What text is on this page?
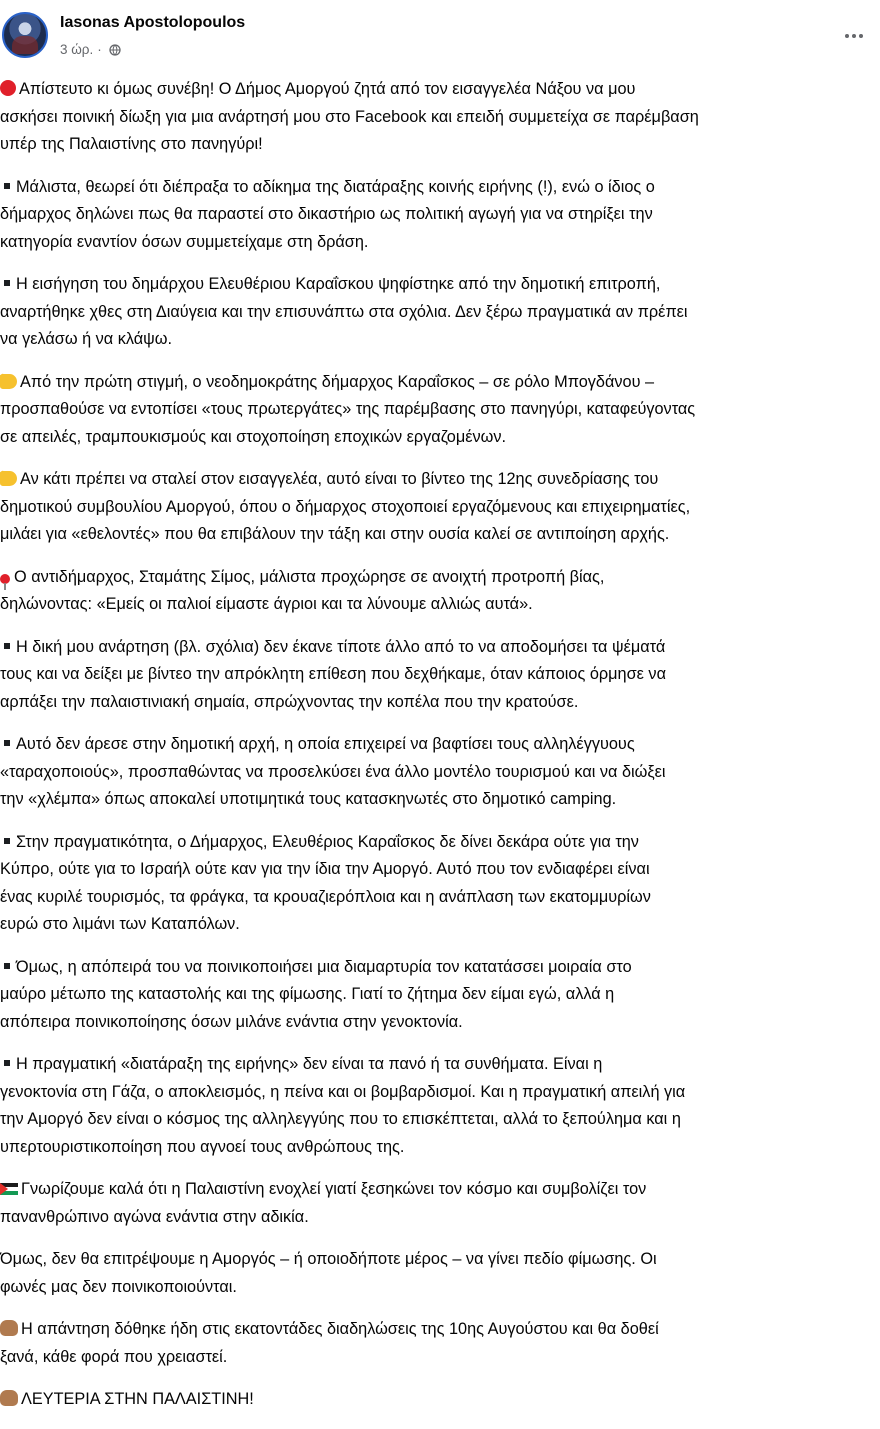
Iasonas Apostolopoulos
3 ώρ. ·

Απίστευτο κι όμως συνέβη! Ο Δήμος Αμοργού ζητά από τον εισαγγελέα Νάξου να μου
ασκήσει ποινική δίωξη για μια ανάρτησή μου στο Facebook και επειδή συμμετείχα σε παρέμβαση
υπέρ της Παλαιστίνης στο πανηγύρι!

Μάλιστα, θεωρεί ότι διέπραξα το αδίκημα της διατάραξης κοινής ειρήνης (!), ενώ ο ίδιος ο
δήμαρχος δηλώνει πως θα παραστεί στο δικαστήριο ως πολιτική αγωγή για να στηρίξει την
κατηγορία εναντίον όσων συμμετείχαμε στη δράση.

Η εισήγηση του δημάρχου Ελευθέριου Καραΐσκου ψηφίστηκε από την δημοτική επιτροπή,
αναρτήθηκε χθες στη Διαύγεια και την επισυνάπτω στα σχόλια. Δεν ξέρω πραγματικά αν πρέπει
να γελάσω ή να κλάψω.

Από την πρώτη στιγμή, ο νεοδημοκράτης δήμαρχος Καραΐσκος – σε ρόλο Μπογδάνου –
προσπαθούσε να εντοπίσει «τους πρωτεργάτες» της παρέμβασης στο πανηγύρι, καταφεύγοντας
σε απειλές, τραμπουκισμούς και στοχοποίηση εποχικών εργαζομένων.

Αν κάτι πρέπει να σταλεί στον εισαγγελέα, αυτό είναι το βίντεο της 12ης συνεδρίασης του
δημοτικού συμβουλίου Αμοργού, όπου ο δήμαρχος στοχοποιεί εργαζόμενους και επιχειρηματίες,
μιλάει για «εθελοντές» που θα επιβάλουν την τάξη και στην ουσία καλεί σε αντιποίηση αρχής.

Ο αντιδήμαρχος, Σταμάτης Σίμος, μάλιστα προχώρησε σε ανοιχτή προτροπή βίας,
δηλώνοντας: «Εμείς οι παλιοί είμαστε άγριοι και τα λύνουμε αλλιώς αυτά».

Η δική μου ανάρτηση (βλ. σχόλια) δεν έκανε τίποτε άλλο από το να αποδομήσει τα ψέματά
τους και να δείξει με βίντεο την απρόκλητη επίθεση που δεχθήκαμε, όταν κάποιος όρμησε να
αρπάξει την παλαιστινιακή σημαία, σπρώχνοντας την κοπέλα που την κρατούσε.

Αυτό δεν άρεσε στην δημοτική αρχή, η οποία επιχειρεί να βαφτίσει τους αλληλέγγυους
«ταραχοποιούς», προσπαθώντας να προσελκύσει ένα άλλο μοντέλο τουρισμού και να διώξει
την «χλέμπα» όπως αποκαλεί υποτιμητικά τους κατασκηνωτές στο δημοτικό camping.

Στην πραγματικότητα, ο Δήμαρχος, Ελευθέριος Καραΐσκος δε δίνει δεκάρα ούτε για την
Κύπρο, ούτε για το Ισραήλ ούτε καν για την ίδια την Αμοργό. Αυτό που τον ενδιαφέρει είναι
ένας κυριλέ τουρισμός, τα φράγκα, τα κρουαζιερόπλοια και η ανάπλαση των εκατομμυρίων
ευρώ στο λιμάνι των Καταπόλων.

Όμως, η απόπειρά του να ποινικοποιήσει μια διαμαρτυρία τον κατατάσσει μοιραία στο
μαύρο μέτωπο της καταστολής και της φίμωσης. Γιατί το ζήτημα δεν είμαι εγώ, αλλά η
απόπειρα ποινικοποίησης όσων μιλάνε ενάντια στην γενοκτονία.

Η πραγματική «διατάραξη της ειρήνης» δεν είναι τα πανό ή τα συνθήματα. Είναι η
γενοκτονία στη Γάζα, ο αποκλεισμός, η πείνα και οι βομβαρδισμοί. Και η πραγματική απειλή για
την Αμοργό δεν είναι ο κόσμος της αλληλεγγύης που το επισκέπτεται, αλλά το ξεπούλημα και η
υπερτουριστικοποίηση που αγνοεί τους ανθρώπους της.

Γνωρίζουμε καλά ότι η Παλαιστίνη ενοχλεί γιατί ξεσηκώνει τον κόσμο και συμβολίζει τον
πανανθρώπινο αγώνα ενάντια στην αδικία.

Όμως, δεν θα επιτρέψουμε η Αμοργός – ή οποιοδήποτε μέρος – να γίνει πεδίο φίμωσης. Οι
φωνές μας δεν ποινικοποιούνται.

Η απάντηση δόθηκε ήδη στις εκατοντάδες διαδηλώσεις της 10ης Αυγούστου και θα δοθεί
ξανά, κάθε φορά που χρειαστεί.

ΛΕΥΤΕΡΙΑ ΣΤΗΝ ΠΑΛΑΙΣΤΙΝΗ!
